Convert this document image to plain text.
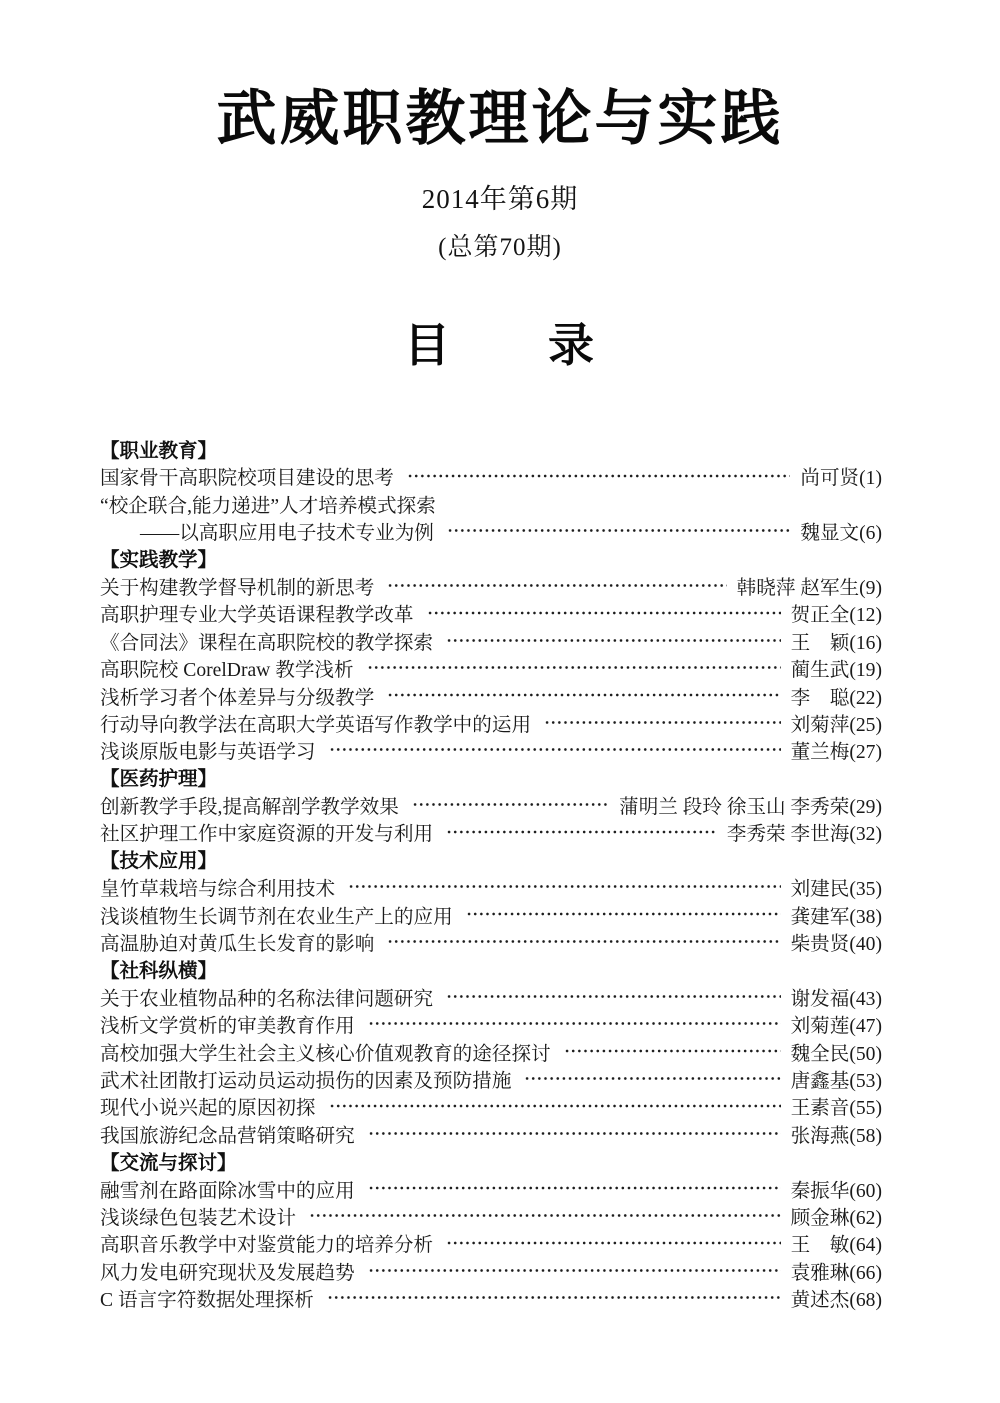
武威职教理论与实践
2014年第6期
(总第70期)
目　　录
【职业教育】
国家骨干高职院校项目建设的思考	尚可贤(1)
“校企联合,能力递进”人才培养模式探索
——以高职应用电子技术专业为例	魏显文(6)
【实践教学】
关于构建教学督导机制的新思考	韩晓萍 赵军生(9)
高职护理专业大学英语课程教学改革	贺正全(12)
《合同法》课程在高职院校的教学探索	王　颖(16)
高职院校 CorelDraw 教学浅析	蔺生武(19)
浅析学习者个体差异与分级教学	李　聪(22)
行动导向教学法在高职大学英语写作教学中的运用	刘菊萍(25)
浅谈原版电影与英语学习	董兰梅(27)
【医药护理】
创新教学手段,提高解剖学教学效果	蒲明兰 段玲 徐玉山 李秀荣(29)
社区护理工作中家庭资源的开发与利用	李秀荣 李世海(32)
【技术应用】
皇竹草栽培与综合利用技术	刘建民(35)
浅谈植物生长调节剂在农业生产上的应用	龚建军(38)
高温胁迫对黄瓜生长发育的影响	柴贵贤(40)
【社科纵横】
关于农业植物品种的名称法律问题研究	谢发福(43)
浅析文学赏析的审美教育作用	刘菊莲(47)
高校加强大学生社会主义核心价值观教育的途径探讨	魏全民(50)
武术社团散打运动员运动损伤的因素及预防措施	唐鑫基(53)
现代小说兴起的原因初探	王素音(55)
我国旅游纪念品营销策略研究	张海燕(58)
【交流与探讨】
融雪剂在路面除冰雪中的应用	秦振华(60)
浅谈绿色包装艺术设计	顾金琳(62)
高职音乐教学中对鉴赏能力的培养分析	王　敏(64)
风力发电研究现状及发展趋势	袁雅琳(66)
C 语言字符数据处理探析	黄述杰(68)
